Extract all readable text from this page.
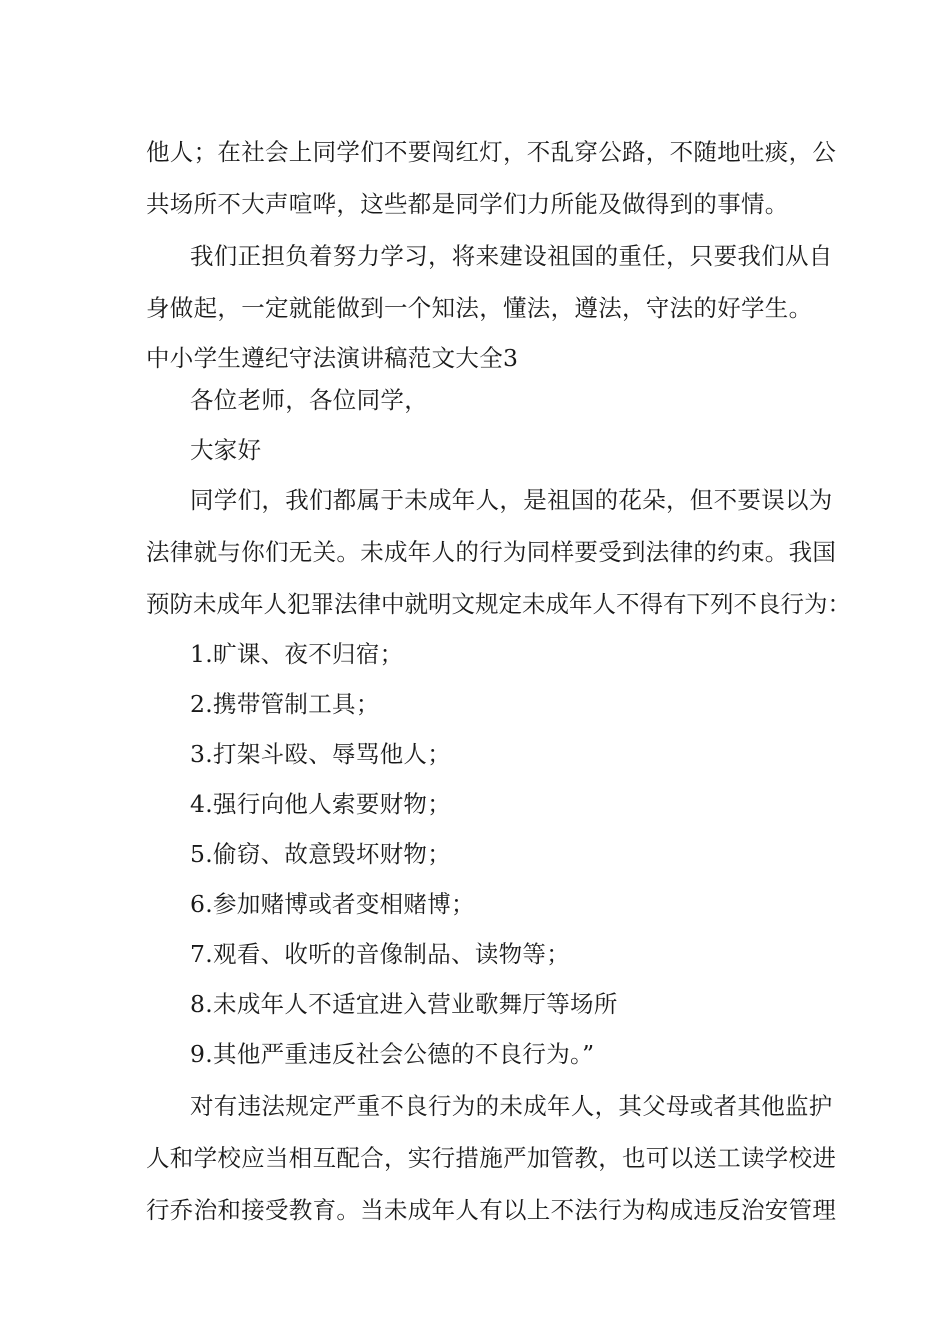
他人；在社会上同学们不要闯红灯，不乱穿公路，不随地吐痰，公
共场所不大声喧哗，这些都是同学们力所能及做得到的事情。
我们正担负着努力学习，将来建设祖国的重任，只要我们从自
身做起，一定就能做到一个知法，懂法，遵法，守法的好学生。
中小学生遵纪守法演讲稿范文大全3
各位老师，各位同学，
大家好
同学们，我们都属于未成年人，是祖国的花朵，但不要误以为
法律就与你们无关。未成年人的行为同样要受到法律的约束。我国
预防未成年人犯罪法律中就明文规定未成年人不得有下列不良行为：
1.旷课、夜不归宿；
2.携带管制工具；
3.打架斗殴、辱骂他人；
4.强行向他人索要财物；
5.偷窃、故意毁坏财物；
6.参加赌博或者变相赌博；
7.观看、收听的音像制品、读物等；
8.未成年人不适宜进入营业歌舞厅等场所
9.其他严重违反社会公德的不良行为。”
对有违法规定严重不良行为的未成年人，其父母或者其他监护
人和学校应当相互配合，实行措施严加管教，也可以送工读学校进
行乔治和接受教育。当未成年人有以上不法行为构成违反治安管理
